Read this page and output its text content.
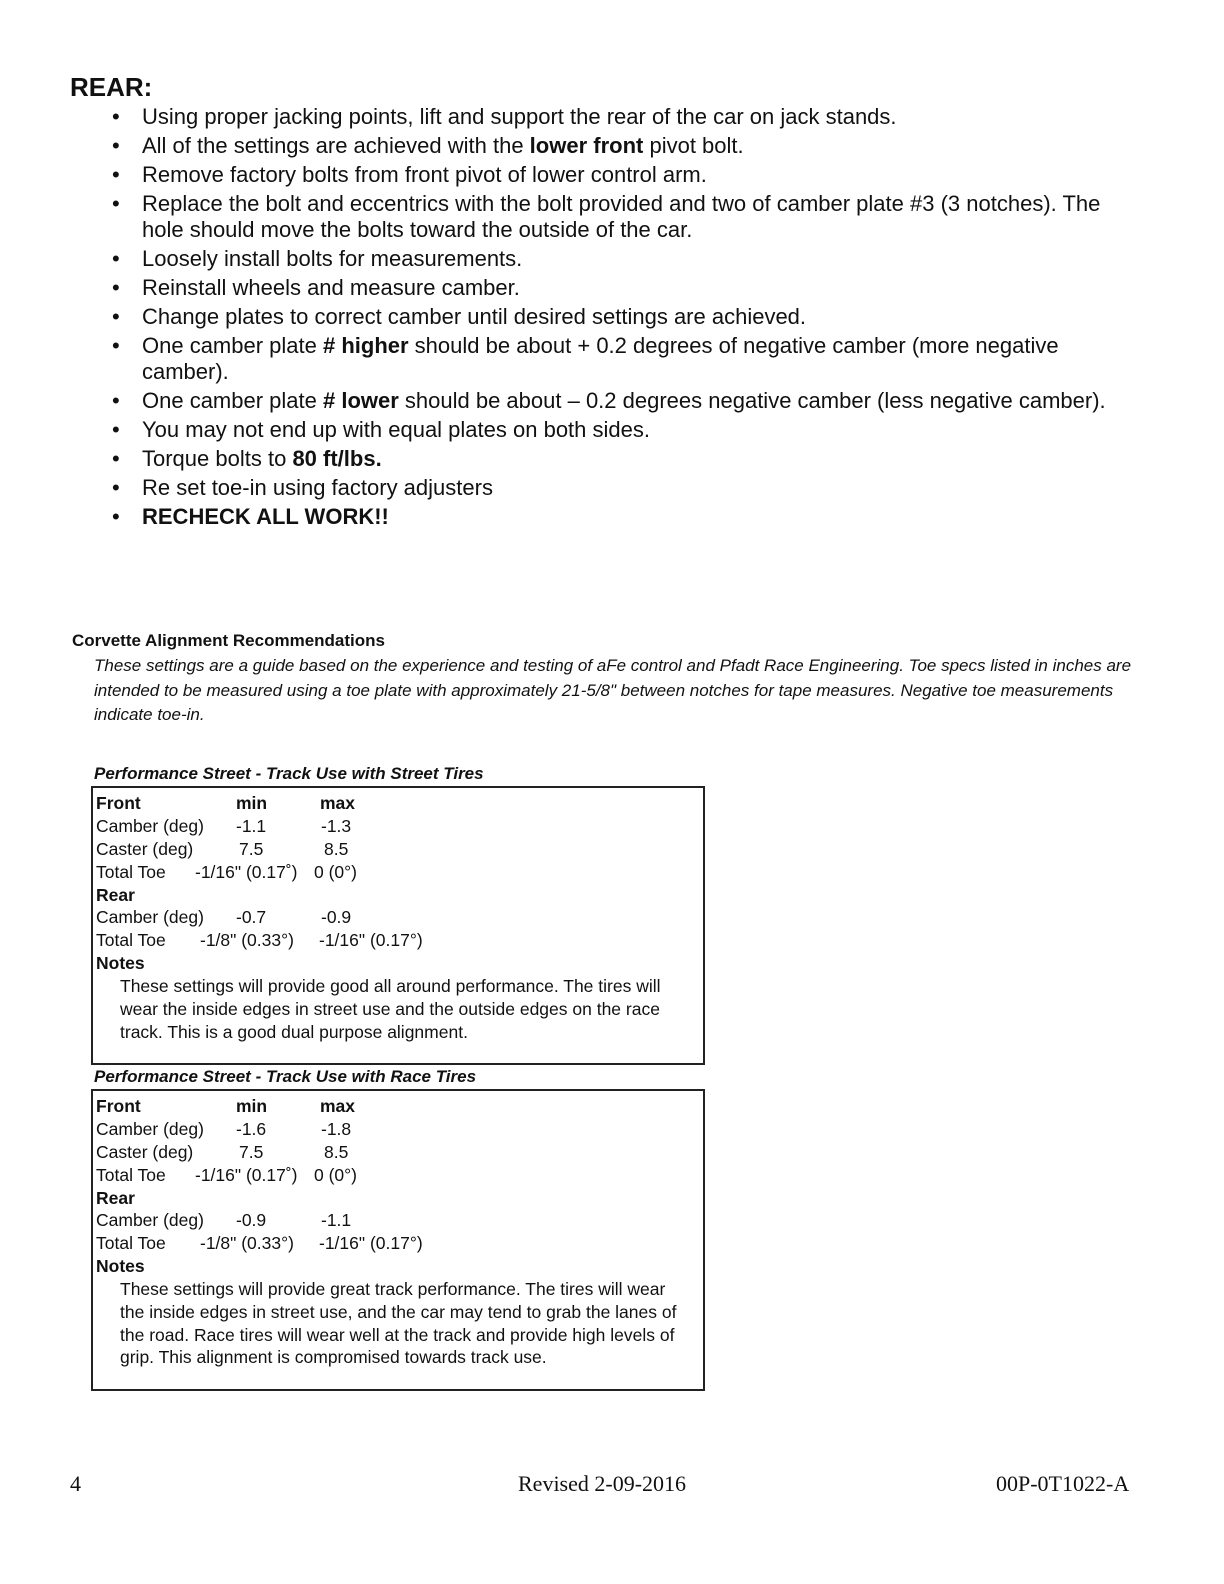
REAR:
• Using proper jacking points, lift and support the rear of the car on jack stands.
• All of the settings are achieved with the lower front pivot bolt.
• Remove factory bolts from front pivot of lower control arm.
• Replace the bolt and eccentrics with the bolt provided and two of camber plate #3 (3 notches). The hole should move the bolts toward the outside of the car.
• Loosely install bolts for measurements.
• Reinstall wheels and measure camber.
• Change plates to correct camber until desired settings are achieved.
• One camber plate # higher should be about + 0.2 degrees of negative camber (more negative camber).
• One camber plate # lower should be about – 0.2 degrees negative camber (less negative camber).
• You may not end up with equal plates on both sides.
• Torque bolts to 80 ft/lbs.
• Re set toe-in using factory adjusters
• RECHECK ALL WORK!!
Corvette Alignment Recommendations
These settings are a guide based on the experience and testing of aFe control and Pfadt Race Engineering. Toe specs listed in inches are intended to be measured using a toe plate with approximately 21-5/8" between notches for tape measures. Negative toe measurements indicate toe-in.
Performance Street - Track Use with Street Tires
Front	min	max
Camber (deg) -1.1	-1.3
Caster (deg)	7.5	8.5
Total Toe -1/16" (0.17˚) 0 (0°)
Rear
Camber (deg) -0.7	-0.9
Total Toe -1/8" (0.33°) -1/16" (0.17°)
Notes
These settings will provide good all around performance. The tires will wear the inside edges in street use and the outside edges on the race track. This is a good dual purpose alignment.
Performance Street - Track Use with Race Tires
Front	min	max
Camber (deg) -1.6	-1.8
Caster (deg)	7.5	8.5
Total Toe -1/16" (0.17˚) 0 (0°)
Rear
Camber (deg) -0.9	-1.1
Total Toe -1/8" (0.33°) -1/16" (0.17°)
Notes
These settings will provide great track performance. The tires will wear the inside edges in street use, and the car may tend to grab the lanes of the road. Race tires will wear well at the track and provide high levels of grip. This alignment is compromised towards track use.
4	Revised 2-09-2016	00P-0T1022-A
